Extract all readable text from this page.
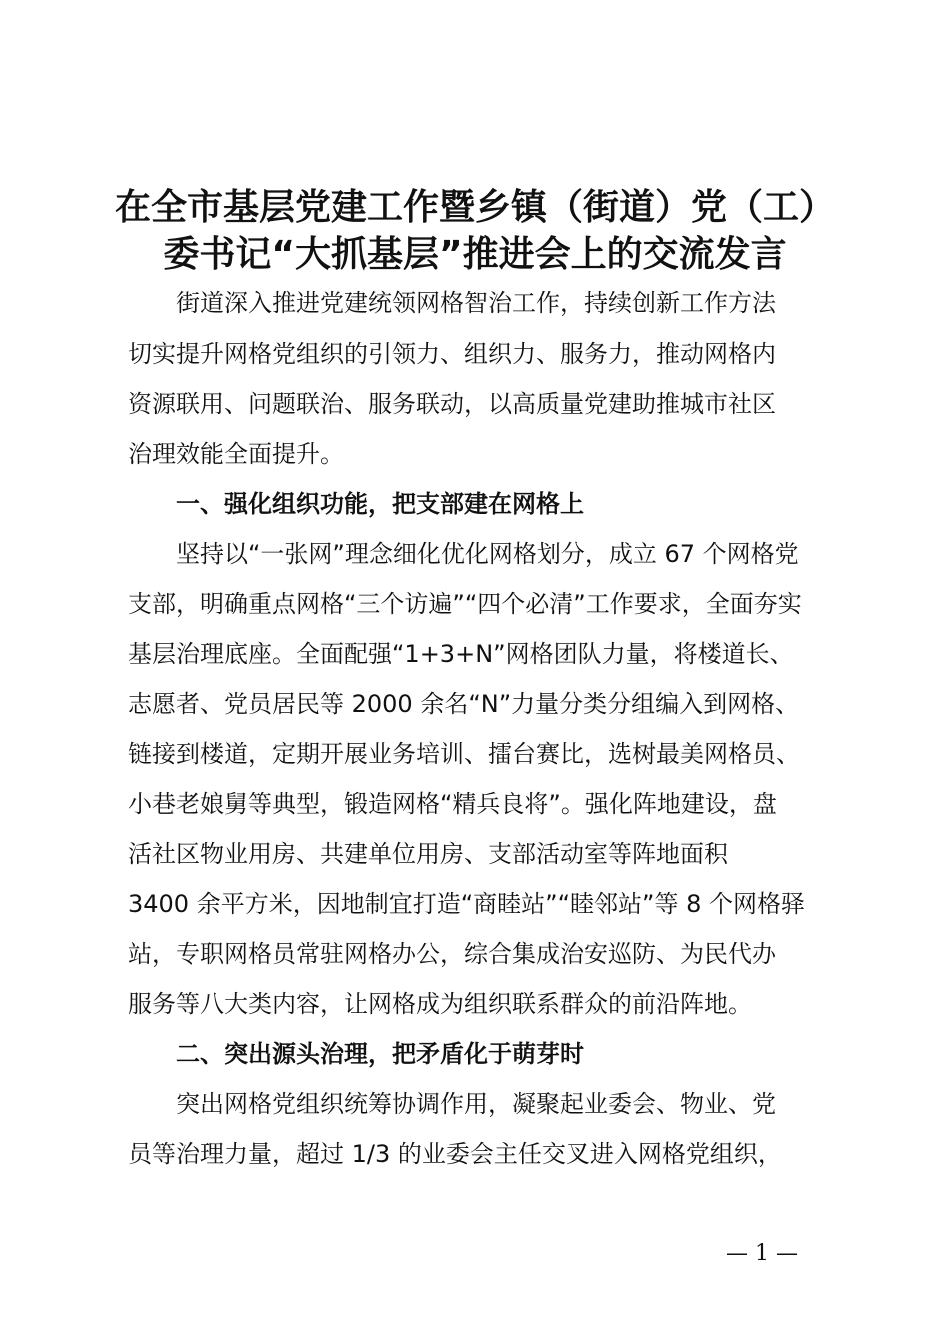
在全市基层党建工作暨乡镇（街道）党（工）
委书记“大抓基层”推进会上的交流发言
　　街道深入推进党建统领网格智治工作，持续创新工作方法
切实提升网格党组织的引领力、组织力、服务力，推动网格内
资源联用、问题联治、服务联动，以高质量党建助推城市社区
治理效能全面提升。
　　一、强化组织功能，把支部建在网格上
　　坚持以“一张网”理念细化优化网格划分，成立 67 个网格党
支部，明确重点网格“三个访遍”“四个必清”工作要求，全面夯实
基层治理底座。全面配强“1+3+N”网格团队力量，将楼道长、
志愿者、党员居民等 2000 余名“N”力量分类分组编入到网格、
链接到楼道，定期开展业务培训、擂台赛比，选树最美网格员、
小巷老娘舅等典型，锻造网格“精兵良将”。强化阵地建设，盘
活社区物业用房、共建单位用房、支部活动室等阵地面积
3400 余平方米，因地制宜打造“商睦站”“睦邻站”等 8 个网格驿
站，专职网格员常驻网格办公，综合集成治安巡防、为民代办
服务等八大类内容，让网格成为组织联系群众的前沿阵地。
　　二、突出源头治理，把矛盾化于萌芽时
　　突出网格党组织统筹协调作用，凝聚起业委会、物业、党
员等治理力量，超过 1/3 的业委会主任交叉进入网格党组织，
— 1 —
